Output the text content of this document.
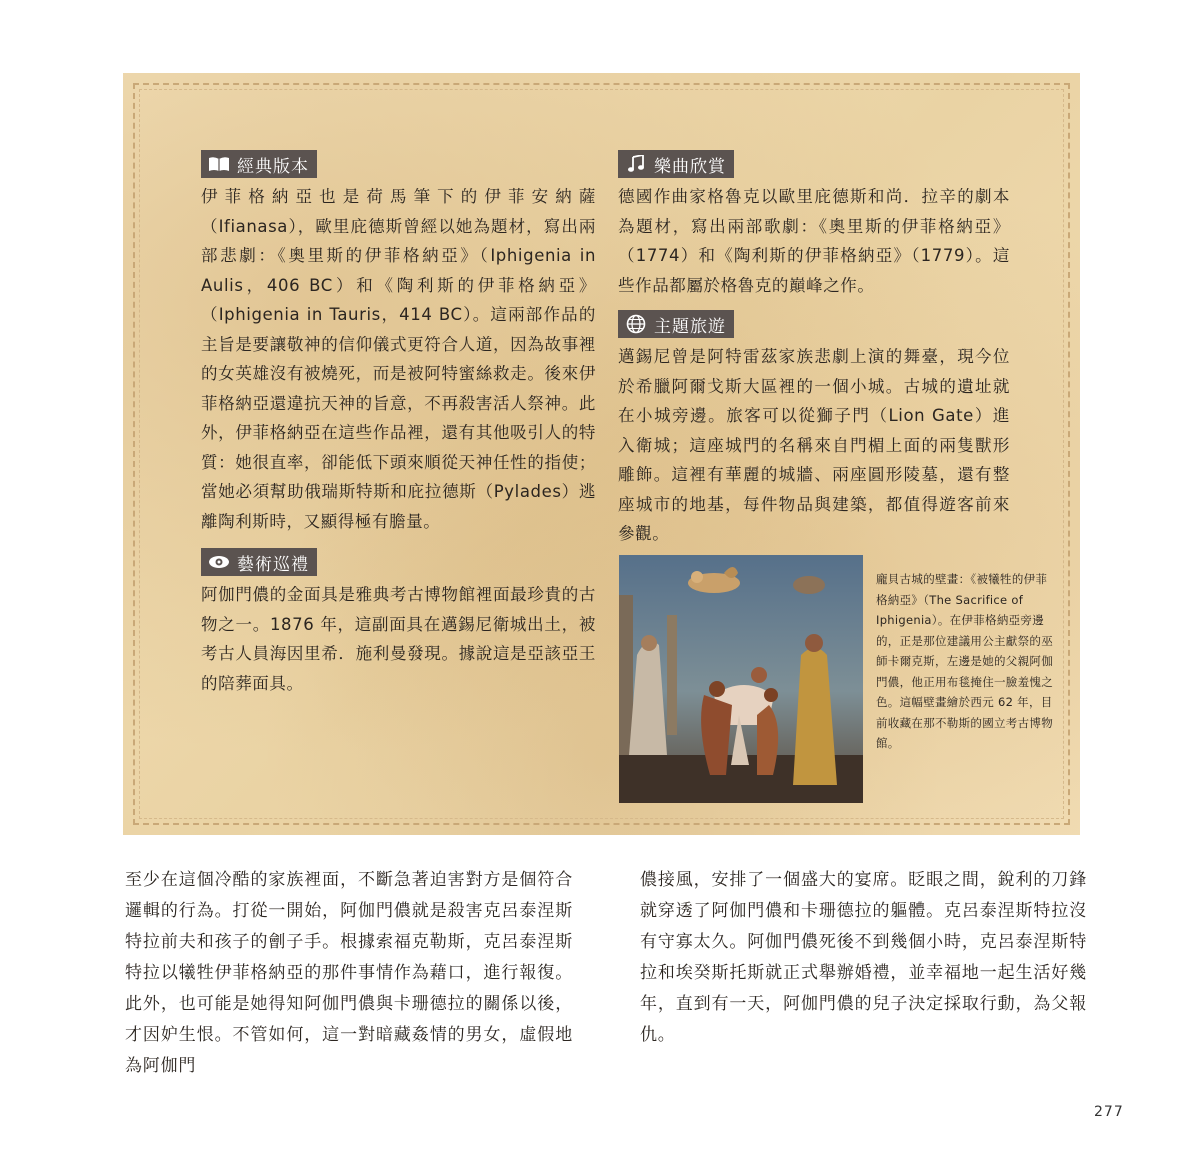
經典版本

伊菲格納亞也是荷馬筆下的伊菲安納薩（Ifianasa），歐里庇德斯曾經以她為題材，寫出兩部悲劇：《奧里斯的伊菲格納亞》（Iphigenia in Aulis，406 BC）和《陶利斯的伊菲格納亞》（Iphigenia in Tauris，414 BC）。這兩部作品的主旨是要讓敬神的信仰儀式更符合人道，因為故事裡的女英雄沒有被燒死，而是被阿特蜜絲救走。後來伊菲格納亞還違抗天神的旨意，不再殺害活人祭神。此外，伊菲格納亞在這些作品裡，還有其他吸引人的特質：她很直率，卻能低下頭來順從天神任性的指使；當她必須幫助俄瑞斯特斯和庇拉德斯（Pylades）逃離陶利斯時，又顯得極有膽量。

藝術巡禮

阿伽門儂的金面具是雅典考古博物館裡面最珍貴的古物之一。1876 年，這副面具在邁錫尼衛城出土，被考古人員海因里希．施利曼發現。據說這是亞該亞王的陪葬面具。

樂曲欣賞

德國作曲家格魯克以歐里庇德斯和尚．拉辛的劇本為題材，寫出兩部歌劇：《奧里斯的伊菲格納亞》（1774）和《陶利斯的伊菲格納亞》（1779）。這些作品都屬於格魯克的巔峰之作。

主題旅遊

邁錫尼曾是阿特雷茲家族悲劇上演的舞臺，現今位於希臘阿爾戈斯大區裡的一個小城。古城的遺址就在小城旁邊。旅客可以從獅子門（Lion Gate）進入衛城；這座城門的名稱來自門楣上面的兩隻獸形雕飾。這裡有華麗的城牆、兩座圓形陵墓，還有整座城市的地基，每件物品與建築，都值得遊客前來參觀。

龐貝古城的壁畫：《被犧牲的伊菲格納亞》（The Sacrifice of Iphigenia）。在伊菲格納亞旁邊的，正是那位建議用公主獻祭的巫師卡爾克斯，左邊是她的父親阿伽門儂，他正用布毯掩住一臉羞愧之色。這幅壁畫繪於西元 62 年，目前收藏在那不勒斯的國立考古博物館。
至少在這個冷酷的家族裡面，不斷急著迫害對方是個符合邏輯的行為。打從一開始，阿伽門儂就是殺害克呂泰涅斯特拉前夫和孩子的劊子手。根據索福克勒斯，克呂泰涅斯特拉以犧牲伊菲格納亞的那件事情作為藉口，進行報復。此外，也可能是她得知阿伽門儂與卡珊德拉的關係以後，才因妒生恨。不管如何，這一對暗藏姦情的男女，虛假地為阿伽門
儂接風，安排了一個盛大的宴席。眨眼之間，銳利的刀鋒就穿透了阿伽門儂和卡珊德拉的軀體。克呂泰涅斯特拉沒有守寡太久。阿伽門儂死後不到幾個小時，克呂泰涅斯特拉和埃癸斯托斯就正式舉辦婚禮，並幸福地一起生活好幾年，直到有一天，阿伽門儂的兒子決定採取行動，為父報仇。
277
